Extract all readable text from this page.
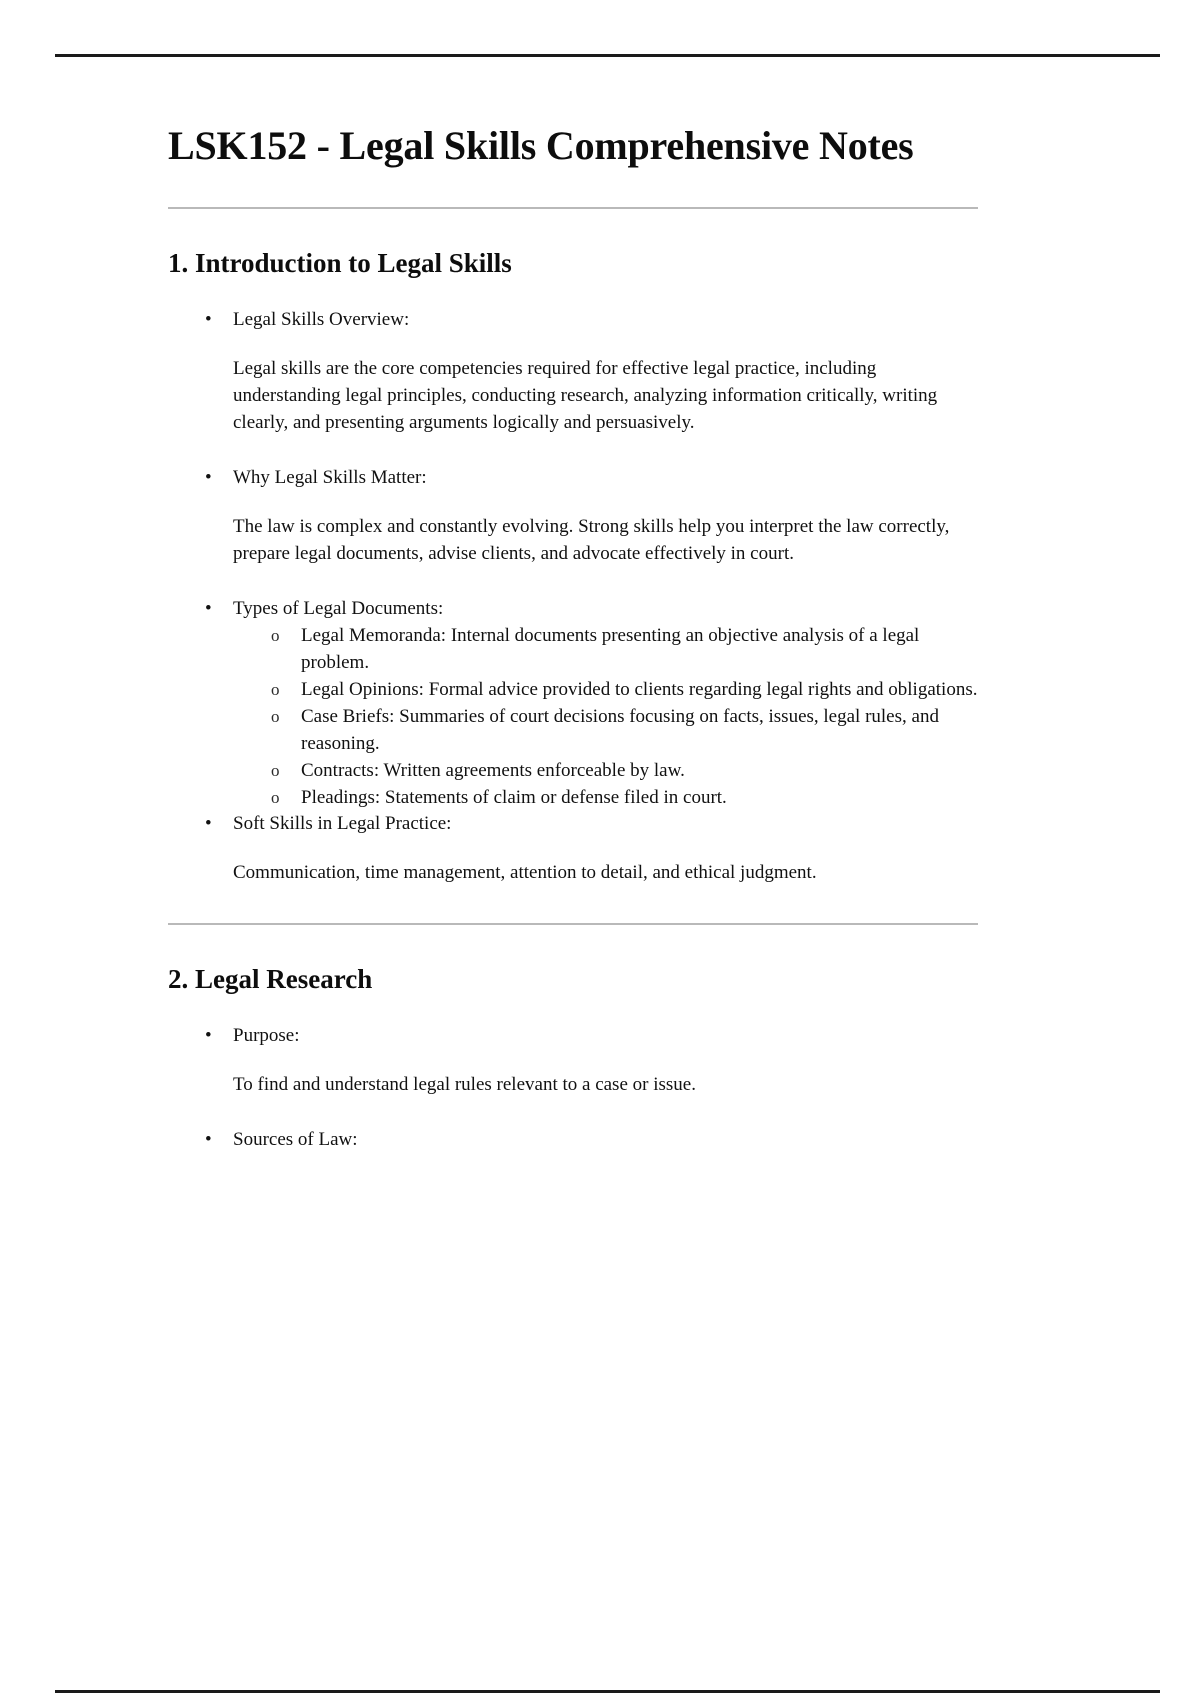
LSK152 - Legal Skills Comprehensive Notes
1. Introduction to Legal Skills
• Legal Skills Overview:
Legal skills are the core competencies required for effective legal practice, including understanding legal principles, conducting research, analyzing information critically, writing clearly, and presenting arguments logically and persuasively.
• Why Legal Skills Matter:
The law is complex and constantly evolving. Strong skills help you interpret the law correctly, prepare legal documents, advise clients, and advocate effectively in court.
• Types of Legal Documents:
o Legal Memoranda: Internal documents presenting an objective analysis of a legal problem.
o Legal Opinions: Formal advice provided to clients regarding legal rights and obligations.
o Case Briefs: Summaries of court decisions focusing on facts, issues, legal rules, and reasoning.
o Contracts: Written agreements enforceable by law.
o Pleadings: Statements of claim or defense filed in court.
• Soft Skills in Legal Practice:
Communication, time management, attention to detail, and ethical judgment.
2. Legal Research
• Purpose:
To find and understand legal rules relevant to a case or issue.
• Sources of Law:
